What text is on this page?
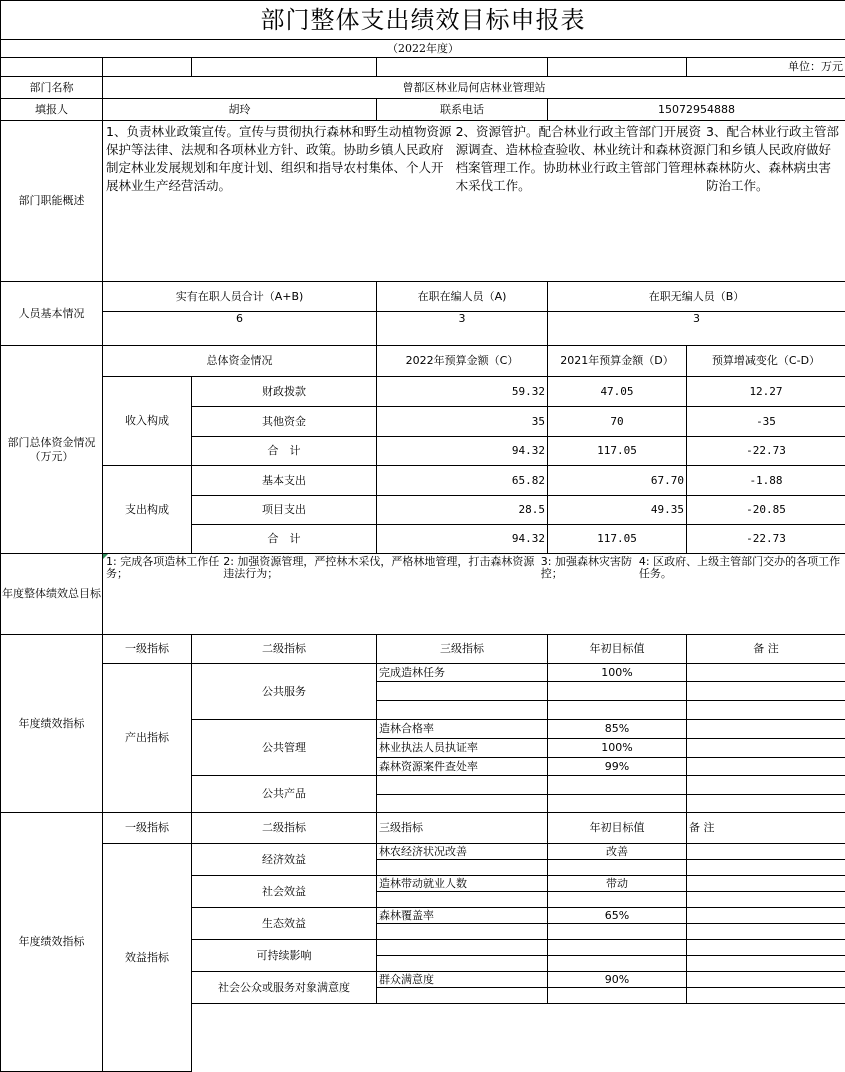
部门整体支出绩效目标申报表
（2022年度）
单位：万元
部门名称	曾都区林业局何店林业管理站
填报人	胡玲	联系电话	15072954888
部门职能概述
1、负责林业政策宣传。宣传与贯彻执行森林和野生动植物资源保护等法律、法规和各项林业方针、政策。协助乡镇人民政府制定林业发展规划和年度计划、组织和指导农村集体、个人开展林业生产经营活动。
2、资源管护。配合林业行政主管部门开展资源调查、造林检查验收、林业统计和森林资源档案管理工作。协助林业行政主管部门管理林木采伐工作。
3、配合林业行政主管部门和乡镇人民政府做好森林防火、森林病虫害防治工作。
人员基本情况
实有在职人员合计（A+B)	在职在编人员（A)	在职无编人员（B）
6	3	3
部门总体资金情况（万元）
总体资金情况	2022年预算金额（C）	2021年预算金额（D）	预算增减变化（C-D）
收入构成
支出构成
财政拨款	59.32	47.05	12.27
其他资金	35	70	-35
合　计	94.32	117.05	-22.73
基本支出	65.82	67.70	-1.88
项目支出	28.5	49.35	-20.85
合　计	94.32	117.05	-22.73
年度整体绩效总目标
1: 完成各项造林工作任务；
2: 加强资源管理，严控林木采伐，严格林地管理，打击森林资源违法行为；
3: 加强森林灾害防控；
4: 区政府、上级主管部门交办的各项工作任务。
年度绩效指标
一级指标	二级指标	三级指标	年初目标值	备 注
产出指标
公共服务
完成造林任务	100%
公共管理
造林合格率	85%
林业执法人员执证率	100%
森林资源案件查处率	99%
公共产品
年度绩效指标
一级指标	二级指标	三级指标	年初目标值	备 注
效益指标
经济效益
林农经济状况改善	改善
社会效益
造林带动就业人数	带动
生态效益
森林覆盖率	65%
可持续影响
社会公众或服务对象满意度
群众满意度	90%
